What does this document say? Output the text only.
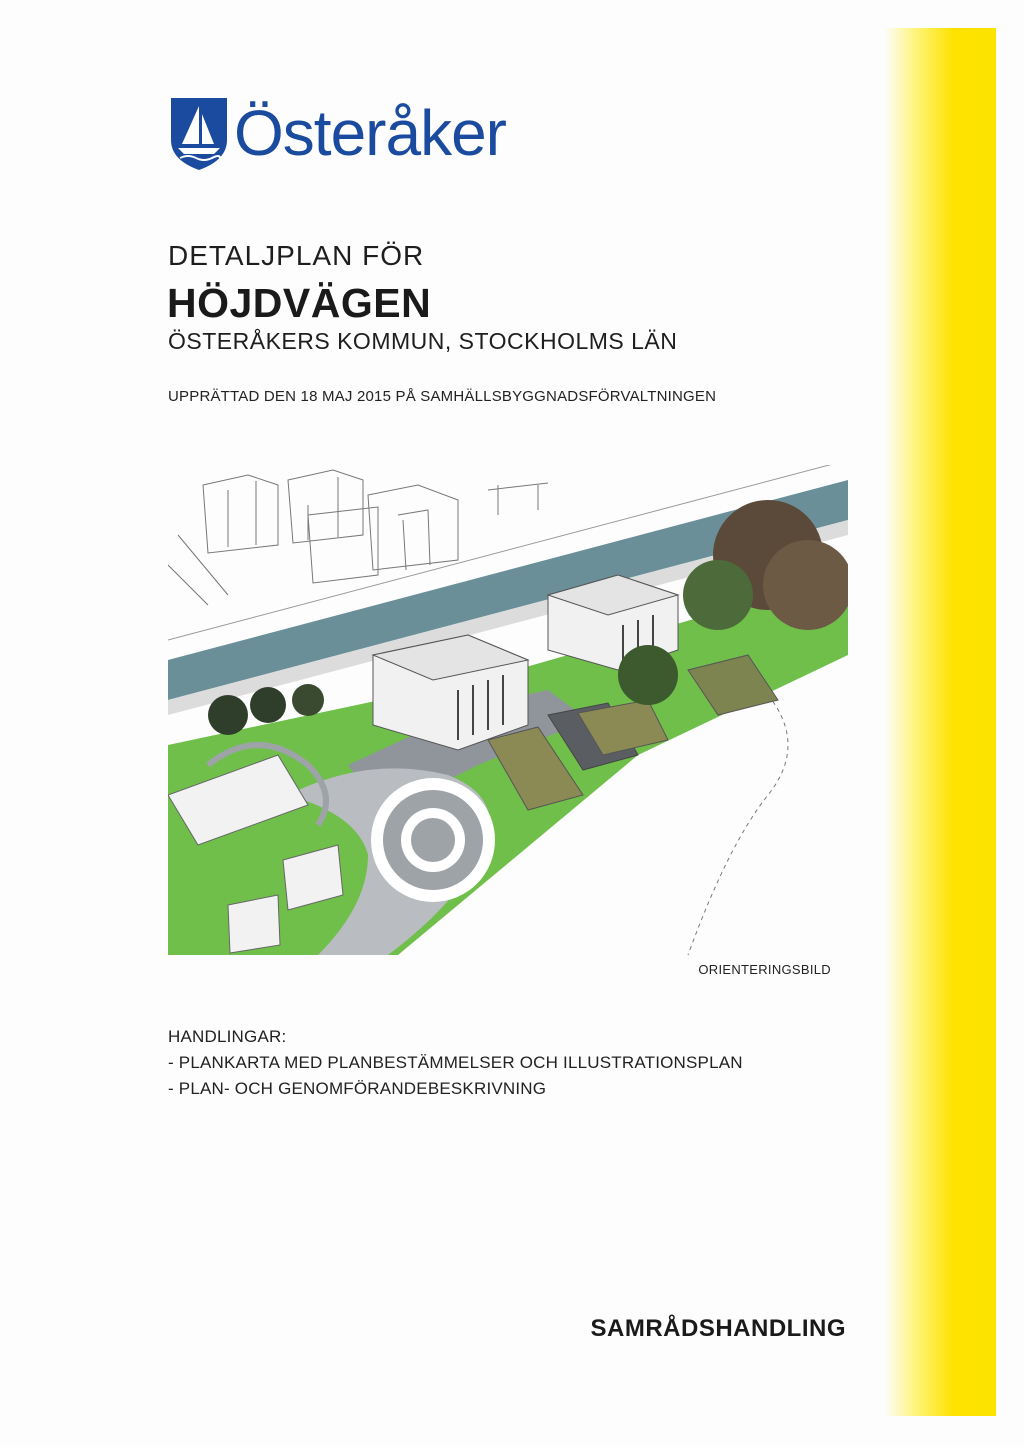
Österåker
DETALJPLAN FÖR
HÖJDVÄGEN
ÖSTERÅKERS KOMMUN, STOCKHOLMS LÄN
UPPRÄTTAD DEN 18 MAJ 2015 PÅ SAMHÄLLSBYGGNADSFÖRVALTNINGEN
ORIENTERINGSBILD
HANDLINGAR:
- PLANKARTA MED PLANBESTÄMMELSER OCH ILLUSTRATIONSPLAN
- PLAN- OCH GENOMFÖRANDEBESKRIVNING
SAMRÅDSHANDLING
